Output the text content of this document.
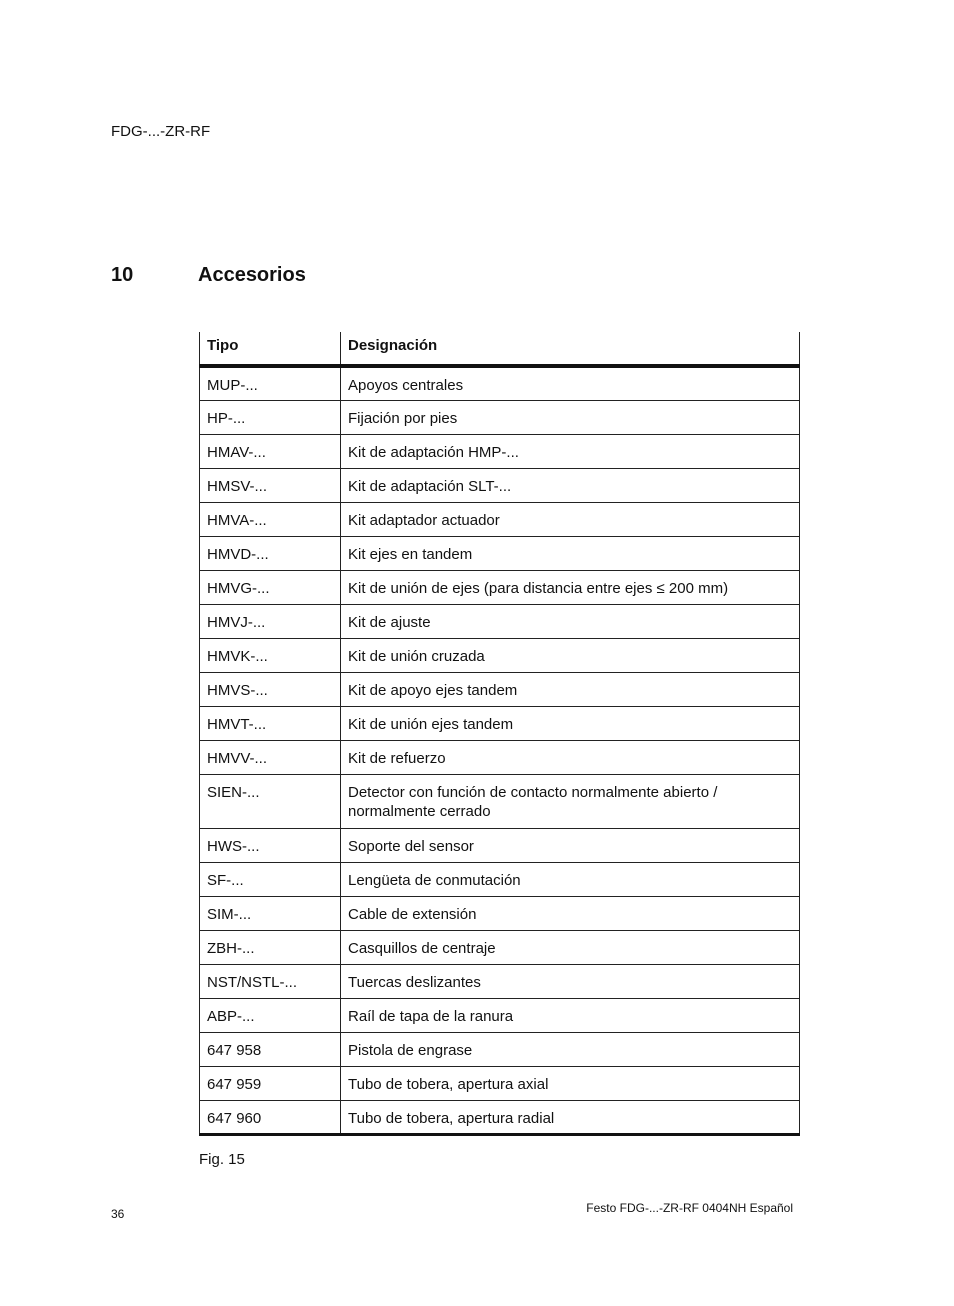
FDG-...-ZR-RF
10	Accesorios
Tipo	Designación
MUP-...	Apoyos centrales
HP-...	Fijación por pies
HMAV-...	Kit de adaptación HMP-...
HMSV-...	Kit de adaptación SLT-...
HMVA-...	Kit adaptador actuador
HMVD-...	Kit ejes en tandem
HMVG-...	Kit de unión de ejes (para distancia entre ejes ≤ 200 mm)
HMVJ-...	Kit de ajuste
HMVK-...	Kit de unión cruzada
HMVS-...	Kit de apoyo ejes tandem
HMVT-...	Kit de unión ejes tandem
HMVV-...	Kit de refuerzo
SIEN-...	Detector con función de contacto normalmente abierto / normalmente cerrado
HWS-...	Soporte del sensor
SF-...	Lengüeta de conmutación
SIM-...	Cable de extensión
ZBH-...	Casquillos de centraje
NST/NSTL-...	Tuercas deslizantes
ABP-...	Raíl de tapa de la ranura
647 958	Pistola de engrase
647 959	Tubo de tobera, apertura axial
647 960	Tubo de tobera, apertura radial
Fig. 15
36	Festo FDG-...-ZR-RF 0404NH Español
